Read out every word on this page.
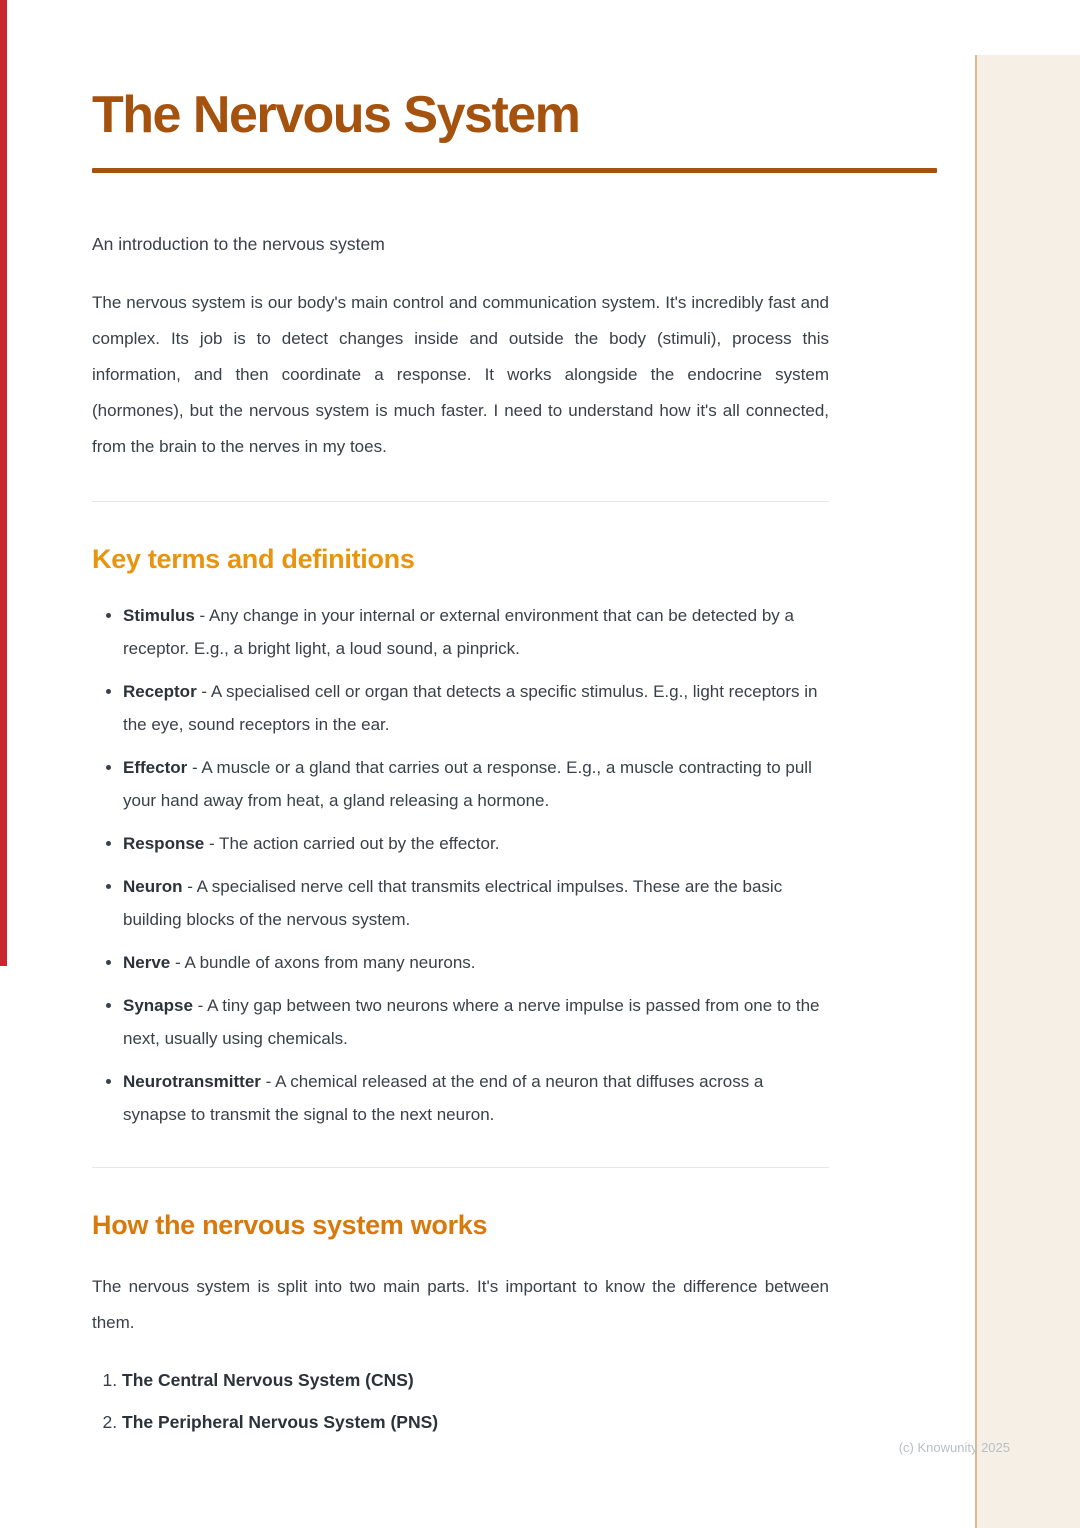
The Nervous System

An introduction to the nervous system

The nervous system is our body's main control and communication system. It's incredibly fast and complex. Its job is to detect changes inside and outside the body (stimuli), process this information, and then coordinate a response. It works alongside the endocrine system (hormones), but the nervous system is much faster. I need to understand how it's all connected, from the brain to the nerves in my toes.

Key terms and definitions
• Stimulus - Any change in your internal or external environment that can be detected by a receptor. E.g., a bright light, a loud sound, a pinprick.
• Receptor - A specialised cell or organ that detects a specific stimulus. E.g., light receptors in the eye, sound receptors in the ear.
• Effector - A muscle or a gland that carries out a response. E.g., a muscle contracting to pull your hand away from heat, a gland releasing a hormone.
• Response - The action carried out by the effector.
• Neuron - A specialised nerve cell that transmits electrical impulses. These are the basic building blocks of the nervous system.
• Nerve - A bundle of axons from many neurons.
• Synapse - A tiny gap between two neurons where a nerve impulse is passed from one to the next, usually using chemicals.
• Neurotransmitter - A chemical released at the end of a neuron that diffuses across a synapse to transmit the signal to the next neuron.
How the nervous system works

The nervous system is split into two main parts. It's important to know the difference between them.

1. The Central Nervous System (CNS)
2. The Peripheral Nervous System (PNS)
(c) Knowunity 2025
